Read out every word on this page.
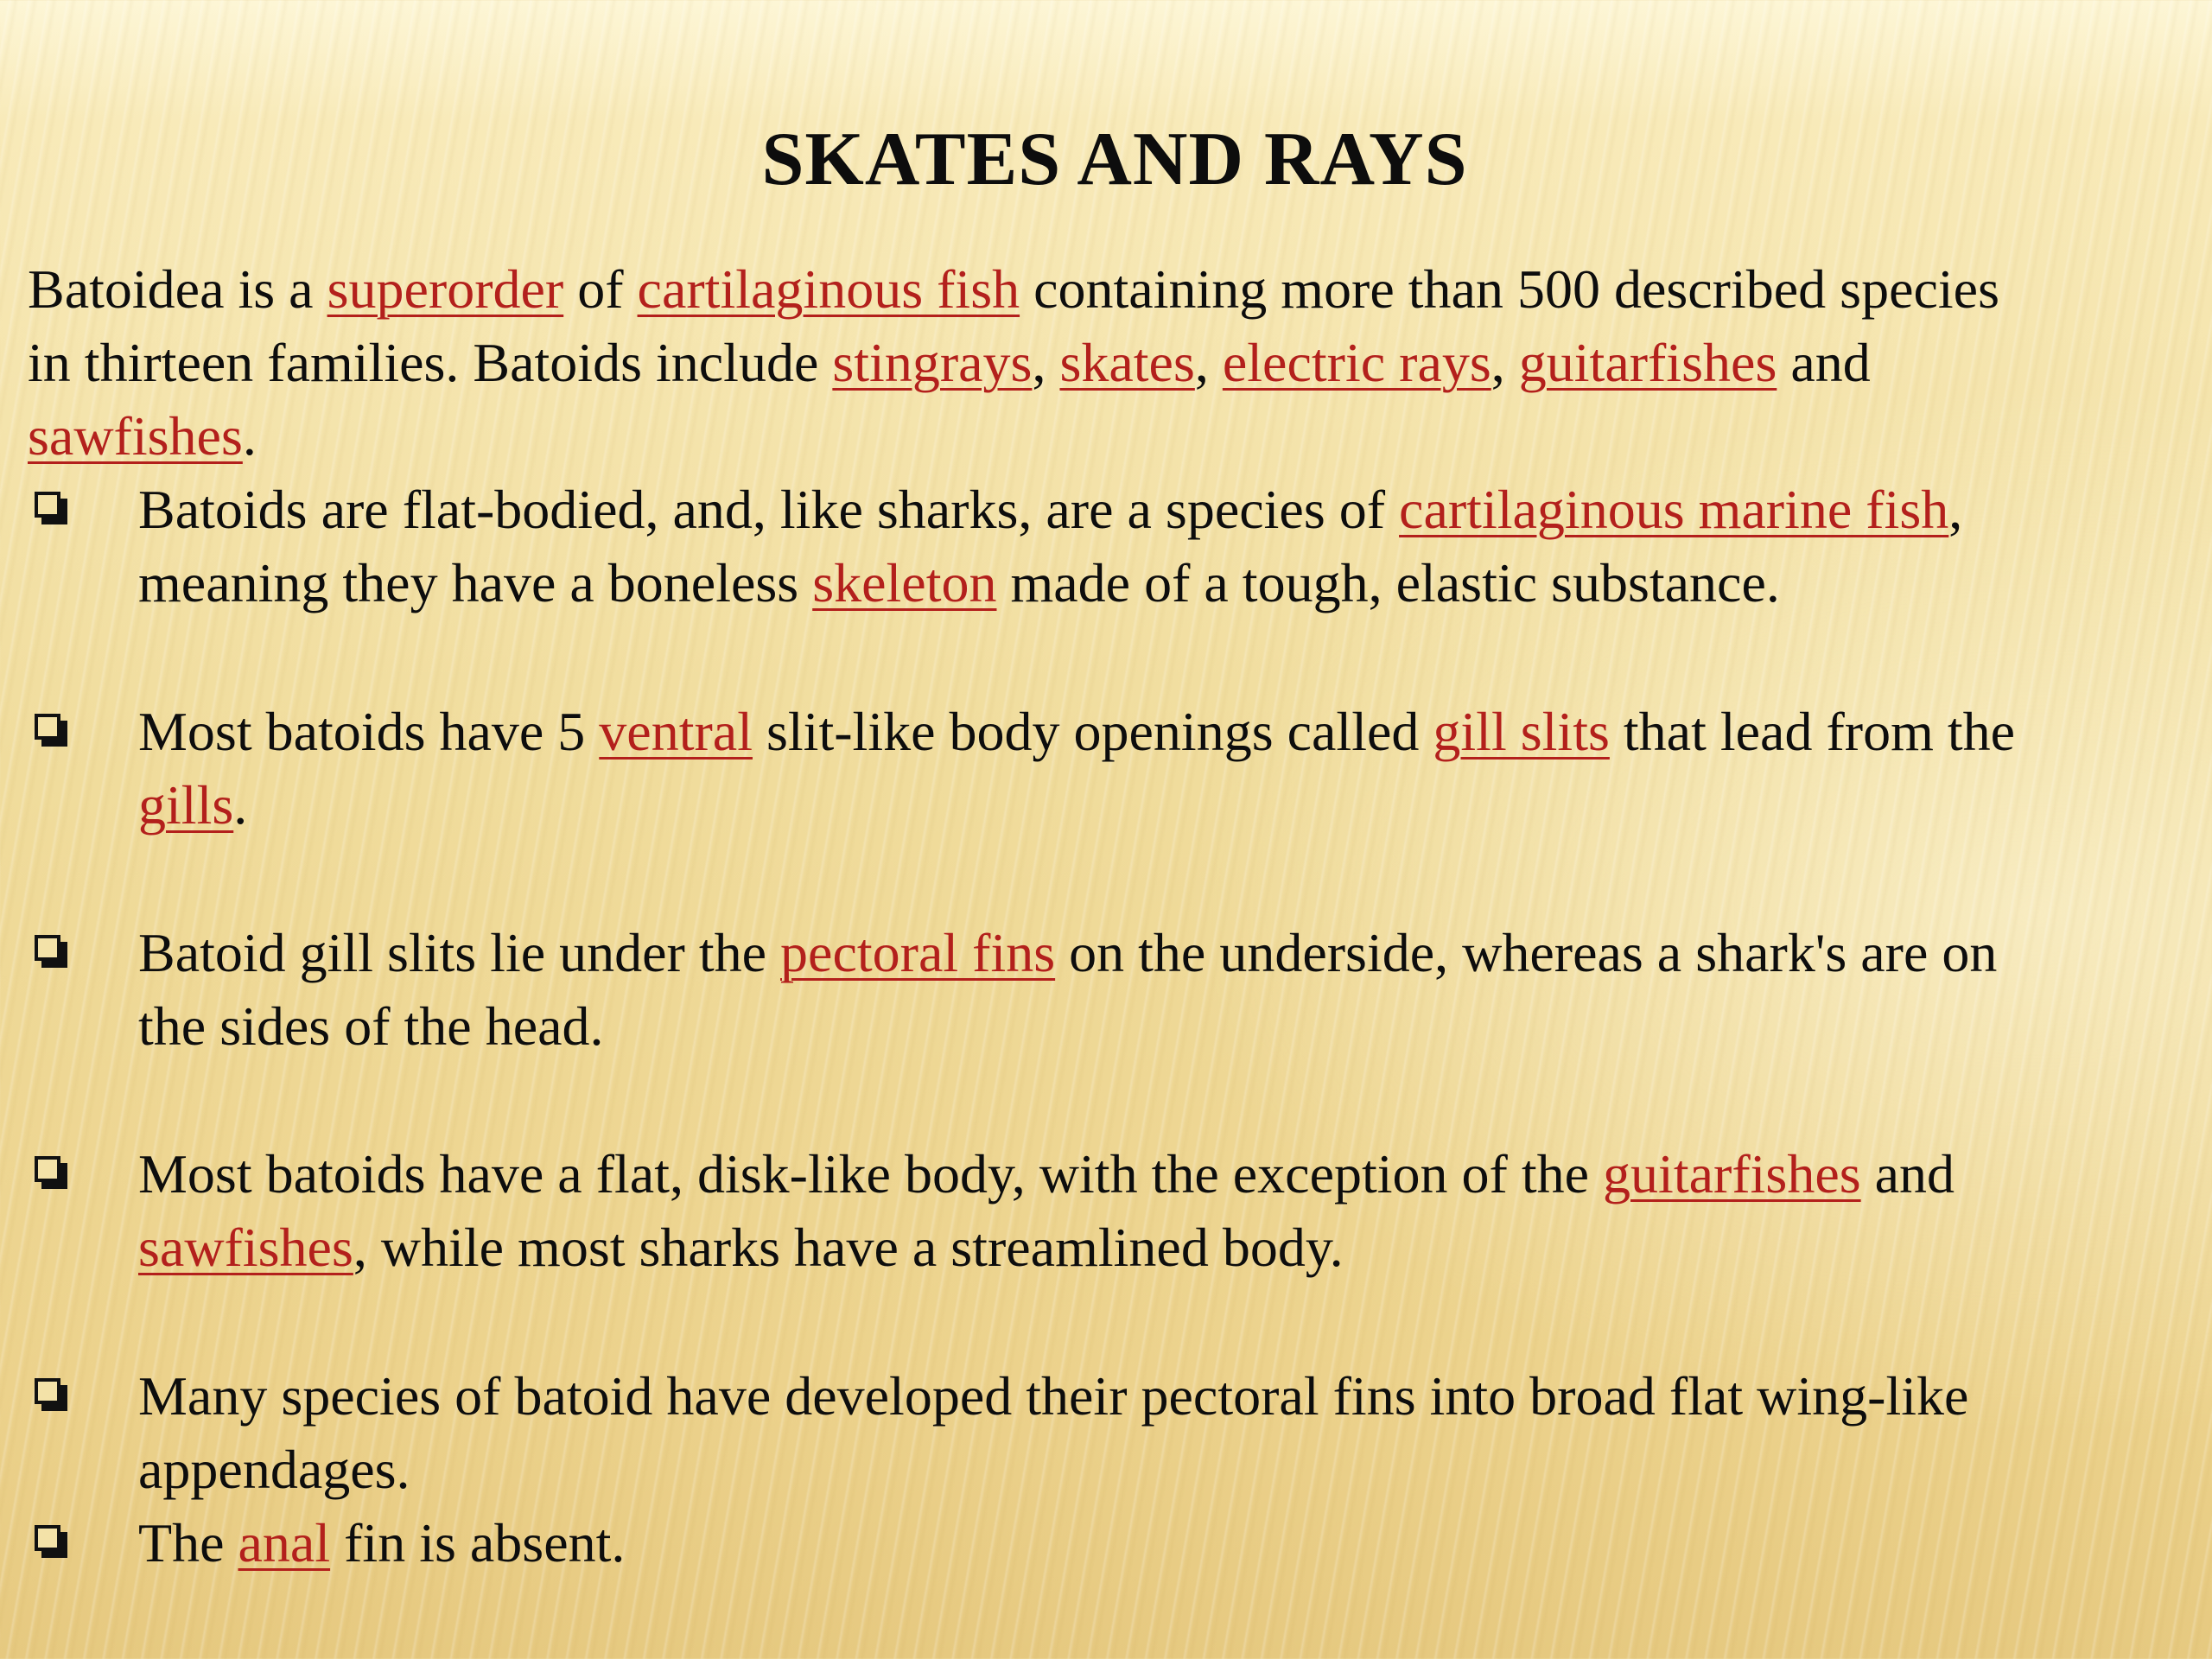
SKATES AND RAYS
Batoidea is a superorder of cartilaginous fish containing more than 500 described species
in thirteen families. Batoids include stingrays, skates, electric rays, guitarfishes and
sawfishes.
Batoids are flat-bodied, and, like sharks, are a species of cartilaginous marine fish,
meaning they have a boneless skeleton made of a tough, elastic substance.
Most batoids have 5 ventral slit-like body openings called gill slits that lead from the
gills.
Batoid gill slits lie under the pectoral fins on the underside, whereas a shark's are on
the sides of the head.
Most batoids have a flat, disk-like body, with the exception of the guitarfishes and
sawfishes, while most sharks have a streamlined body.
Many species of batoid have developed their pectoral fins into broad flat wing-like
appendages.
The anal fin is absent.
